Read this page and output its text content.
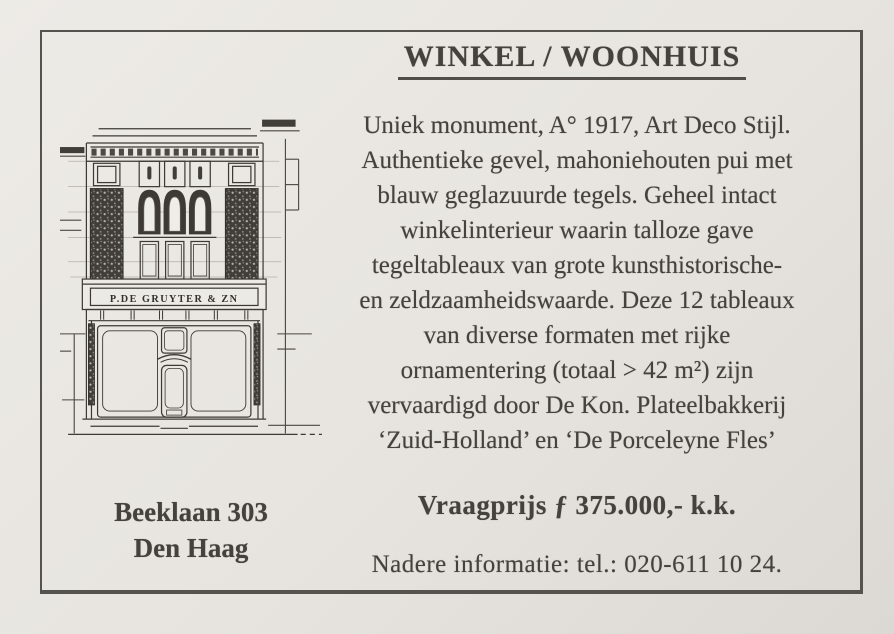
P.DE GRUYTER & ZN
WINKEL / WOONHUIS
Uniek monument, A° 1917, Art Deco Stijl.
Authentieke gevel, mahoniehouten pui met
blauw geglazuurde tegels. Geheel intact
winkelinterieur waarin talloze gave
tegeltableaux van grote kunsthistorische-
en zeldzaamheidswaarde. Deze 12 tableaux
van diverse formaten met rijke
ornamentering (totaal > 42 m²) zijn
vervaardigd door De Kon. Plateelbakkerij
‘Zuid-Holland’ en ‘De Porceleyne Fles’
Vraagprijs ƒ 375.000,- k.k.
Nadere informatie: tel.: 020-611 10 24.
Beeklaan 303
Den Haag
